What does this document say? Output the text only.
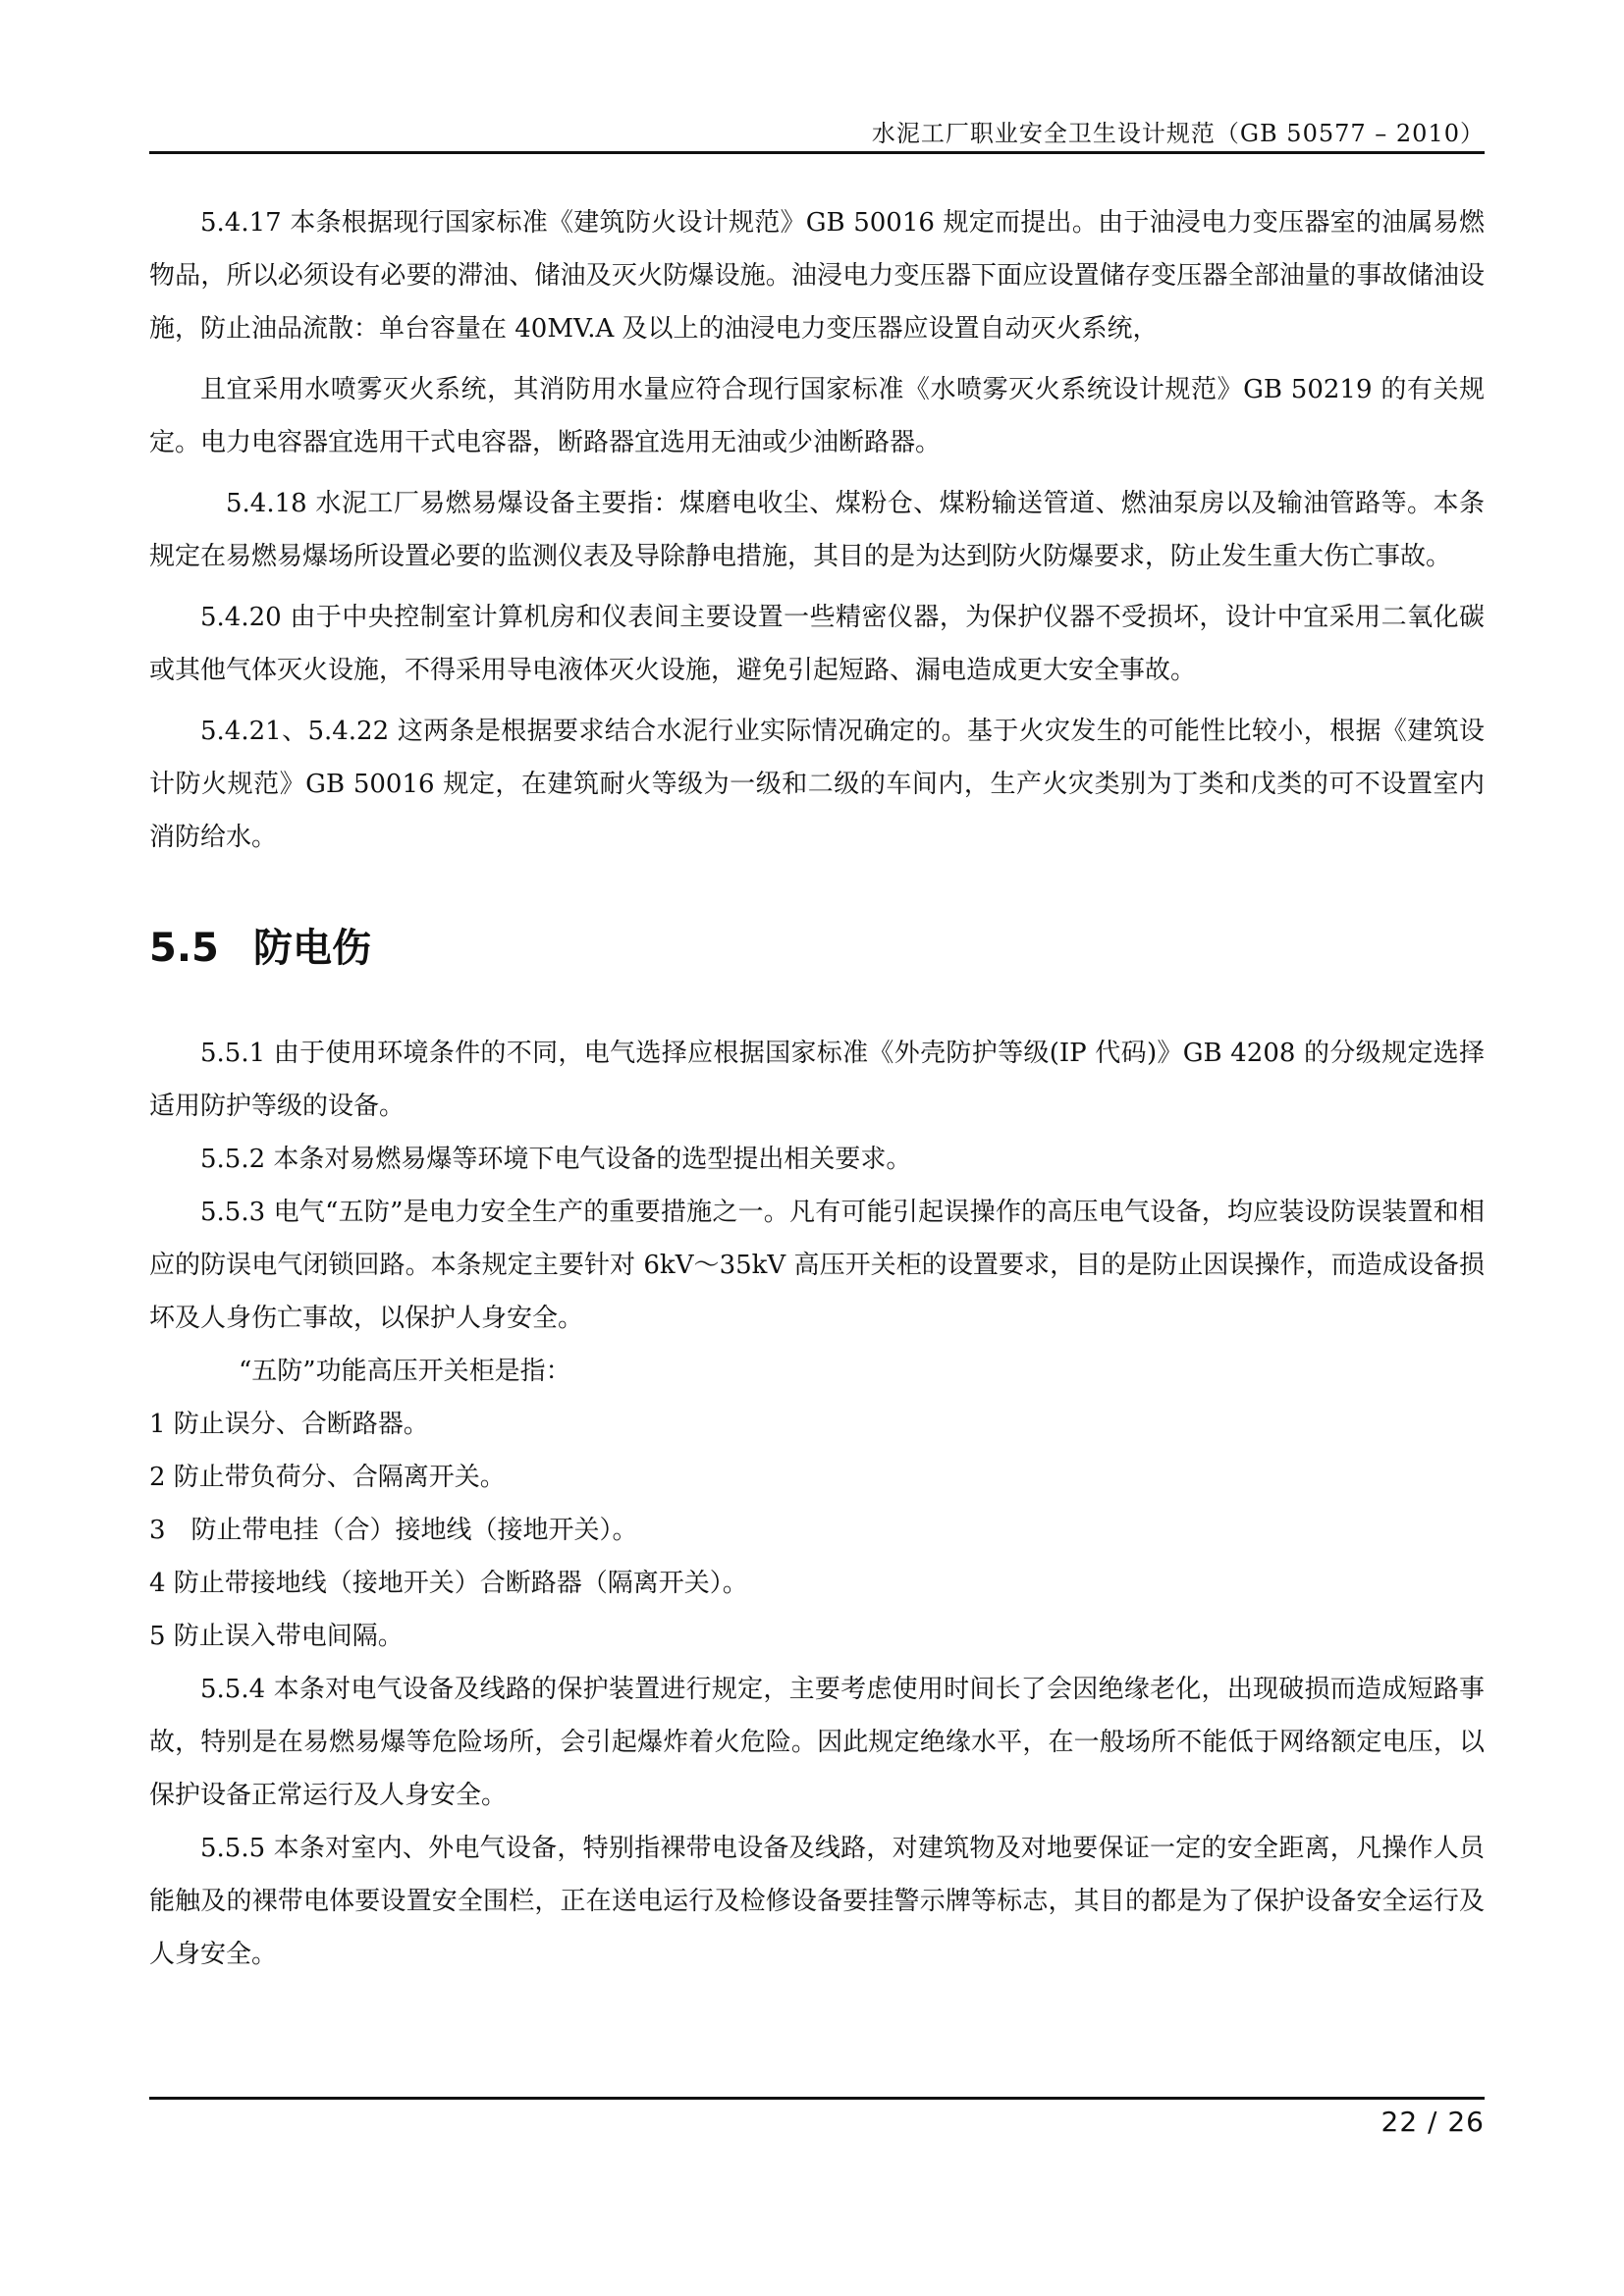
水泥工厂职业安全卫生设计规范（GB 50577 – 2010）

5.4.17 本条根据现行国家标准《建筑防火设计规范》GB 50016 规定而提出。由于油浸电力变压器室的油属易燃物品，所以必须设有必要的滞油、储油及灭火防爆设施。油浸电力变压器下面应设置储存变压器全部油量的事故储油设施，防止油品流散：单台容量在 40MV.A 及以上的油浸电力变压器应设置自动灭火系统，

且宜采用水喷雾灭火系统，其消防用水量应符合现行国家标准《水喷雾灭火系统设计规范》GB 50219 的有关规定。电力电容器宜选用干式电容器，断路器宜选用无油或少油断路器。

5.4.18 水泥工厂易燃易爆设备主要指：煤磨电收尘、煤粉仓、煤粉输送管道、燃油泵房以及输油管路等。本条规定在易燃易爆场所设置必要的监测仪表及导除静电措施，其目的是为达到防火防爆要求，防止发生重大伤亡事故。

5.4.20 由于中央控制室计算机房和仪表间主要设置一些精密仪器，为保护仪器不受损坏，设计中宜采用二氧化碳或其他气体灭火设施，不得采用导电液体灭火设施，避免引起短路、漏电造成更大安全事故。

5.4.21、5.4.22 这两条是根据要求结合水泥行业实际情况确定的。基于火灾发生的可能性比较小，根据《建筑设计防火规范》GB 50016 规定，在建筑耐火等级为一级和二级的车间内，生产火灾类别为丁类和戊类的可不设置室内消防给水。

5.5 防电伤

5.5.1 由于使用环境条件的不同，电气选择应根据国家标准《外壳防护等级(IP 代码)》GB 4208 的分级规定选择适用防护等级的设备。

5.5.2 本条对易燃易爆等环境下电气设备的选型提出相关要求。

5.5.3 电气“五防”是电力安全生产的重要措施之一。凡有可能引起误操作的高压电气设备，均应装设防误装置和相应的防误电气闭锁回路。本条规定主要针对 6kV～35kV 高压开关柜的设置要求，目的是防止因误操作，而造成设备损坏及人身伤亡事故，以保护人身安全。

“五防”功能高压开关柜是指：

1 防止误分、合断路器。

2 防止带负荷分、合隔离开关。

3　防止带电挂（合）接地线（接地开关）。

4 防止带接地线（接地开关）合断路器（隔离开关）。

5 防止误入带电间隔。

5.5.4 本条对电气设备及线路的保护装置进行规定，主要考虑使用时间长了会因绝缘老化，出现破损而造成短路事故，特别是在易燃易爆等危险场所，会引起爆炸着火危险。因此规定绝缘水平，在一般场所不能低于网络额定电压，以保护设备正常运行及人身安全。

5.5.5 本条对室内、外电气设备，特别指裸带电设备及线路，对建筑物及对地要保证一定的安全距离，凡操作人员能触及的裸带电体要设置安全围栏，正在送电运行及检修设备要挂警示牌等标志，其目的都是为了保护设备安全运行及人身安全。

22 / 26
